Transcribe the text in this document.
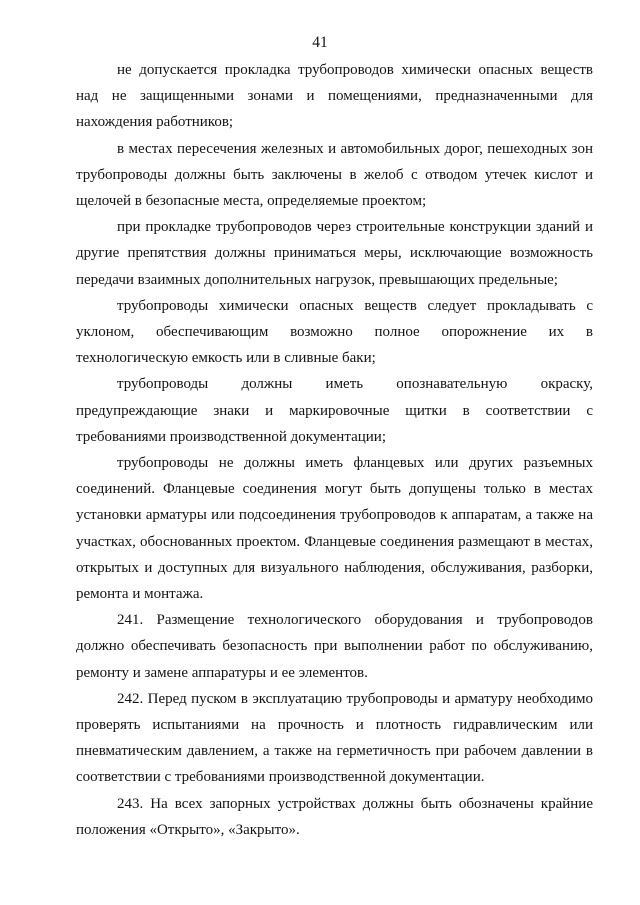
41

не допускается прокладка трубопроводов химически опасных веществ над не защищенными зонами и помещениями, предназначенными для нахождения работников;

в местах пересечения железных и автомобильных дорог, пешеходных зон трубопроводы должны быть заключены в желоб с отводом утечек кислот и щелочей в безопасные места, определяемые проектом;

при прокладке трубопроводов через строительные конструкции зданий и другие препятствия должны приниматься меры, исключающие возможность передачи взаимных дополнительных нагрузок, превышающих предельные;

трубопроводы химически опасных веществ следует прокладывать с уклоном, обеспечивающим возможно полное опорожнение их в технологическую емкость или в сливные баки;

трубопроводы должны иметь опознавательную окраску, предупреждающие знаки и маркировочные щитки в соответствии с требованиями производственной документации;

трубопроводы не должны иметь фланцевых или других разъемных соединений. Фланцевые соединения могут быть допущены только в местах установки арматуры или подсоединения трубопроводов к аппаратам, а также на участках, обоснованных проектом. Фланцевые соединения размещают в местах, открытых и доступных для визуального наблюдения, обслуживания, разборки, ремонта и монтажа.

241. Размещение технологического оборудования и трубопроводов должно обеспечивать безопасность при выполнении работ по обслуживанию, ремонту и замене аппаратуры и ее элементов.

242. Перед пуском в эксплуатацию трубопроводы и арматуру необходимо проверять испытаниями на прочность и плотность гидравлическим или пневматическим давлением, а также на герметичность при рабочем давлении в соответствии с требованиями производственной документации.

243. На всех запорных устройствах должны быть обозначены крайние положения «Открыто», «Закрыто».
